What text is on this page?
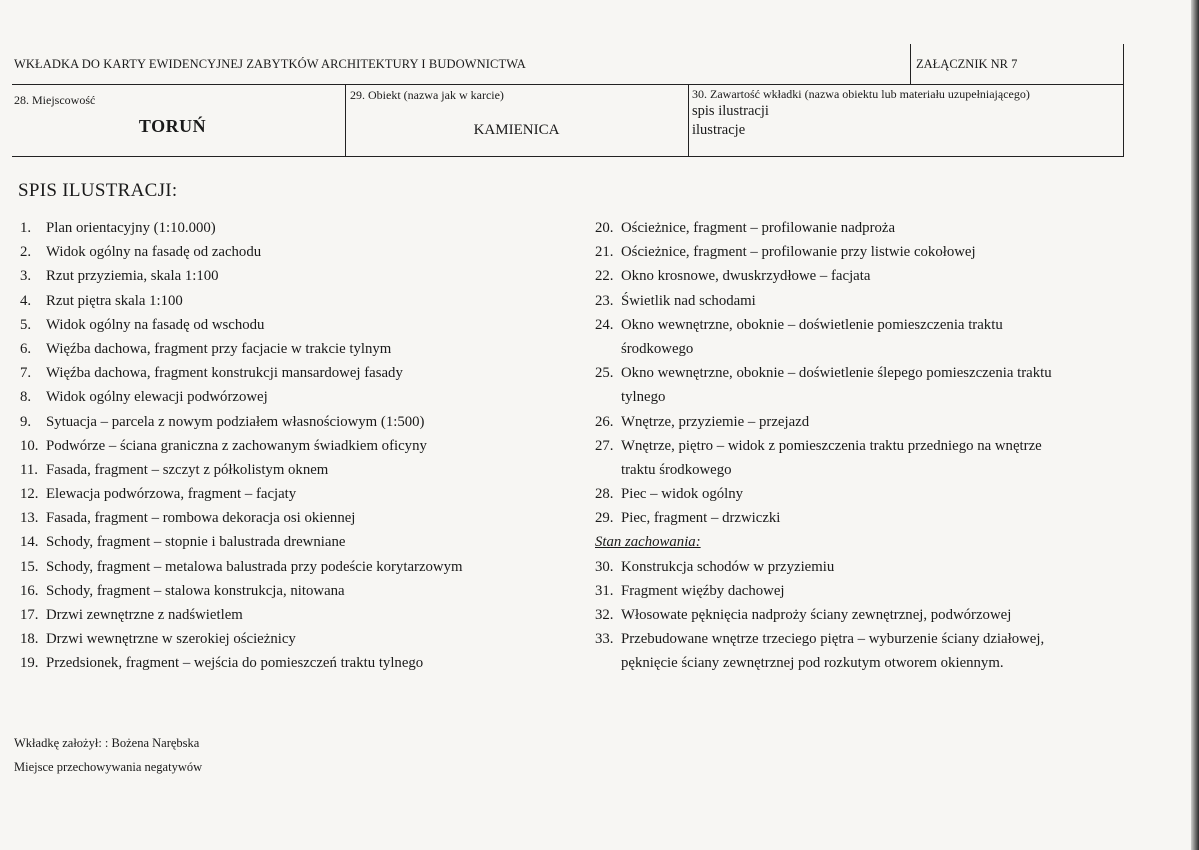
WKŁADKA DO KARTY EWIDENCYJNEJ ZABYTKÓW ARCHITEKTURY I BUDOWNICTWA	ZAŁĄCZNIK NR 7
28. Miejscowość
TORUŃ
29. Obiekt (nazwa jak w karcie)
KAMIENICA
30. Zawartość wkładki (nazwa obiektu lub materiału uzupełniającego)
spis ilustracji
ilustracje
SPIS ILUSTRACJI:
1. Plan orientacyjny (1:10.000)
2. Widok ogólny na fasadę od zachodu
3. Rzut przyziemia, skala 1:100
4. Rzut piętra skala 1:100
5. Widok ogólny na fasadę od wschodu
6. Więźba dachowa, fragment przy facjacie w trakcie tylnym
7. Więźba dachowa, fragment konstrukcji mansardowej fasady
8. Widok ogólny elewacji podwórzowej
9. Sytuacja – parcela z nowym podziałem własnościowym (1:500)
10. Podwórze – ściana graniczna z zachowanym świadkiem oficyny
11. Fasada, fragment – szczyt z półkolistym oknem
12. Elewacja podwórzowa, fragment – facjaty
13. Fasada, fragment – rombowa dekoracja osi okiennej
14. Schody, fragment – stopnie i balustrada drewniane
15. Schody, fragment – metalowa balustrada przy podeście korytarzowym
16. Schody, fragment – stalowa konstrukcja, nitowana
17. Drzwi zewnętrzne z nadświetlem
18. Drzwi wewnętrzne w szerokiej ościeżnicy
19. Przedsionek, fragment – wejścia do pomieszczeń traktu tylnego
20. Ościeżnice, fragment – profilowanie nadproża
21. Ościeżnice, fragment – profilowanie przy listwie cokołowej
22. Okno krosnowe, dwuskrzydłowe – facjata
23. Świetlik nad schodami
24. Okno wewnętrzne, oboknie – doświetlenie pomieszczenia traktu
środkowego
25. Okno wewnętrzne, oboknie – doświetlenie ślepego pomieszczenia traktu
tylnego
26. Wnętrze, przyziemie – przejazd
27. Wnętrze, piętro – widok z pomieszczenia traktu przedniego na wnętrze
traktu środkowego
28. Piec – widok ogólny
29. Piec, fragment – drzwiczki
Stan zachowania:
30. Konstrukcja schodów w przyziemiu
31. Fragment więźby dachowej
32. Włosowate pęknięcia nadproży ściany zewnętrznej, podwórzowej
33. Przebudowane wnętrze trzeciego piętra – wyburzenie ściany działowej,
pęknięcie ściany zewnętrznej pod rozkutym otworem okiennym.
Wkładkę założył: : Bożena Narębska
Miejsce przechowywania negatywów
